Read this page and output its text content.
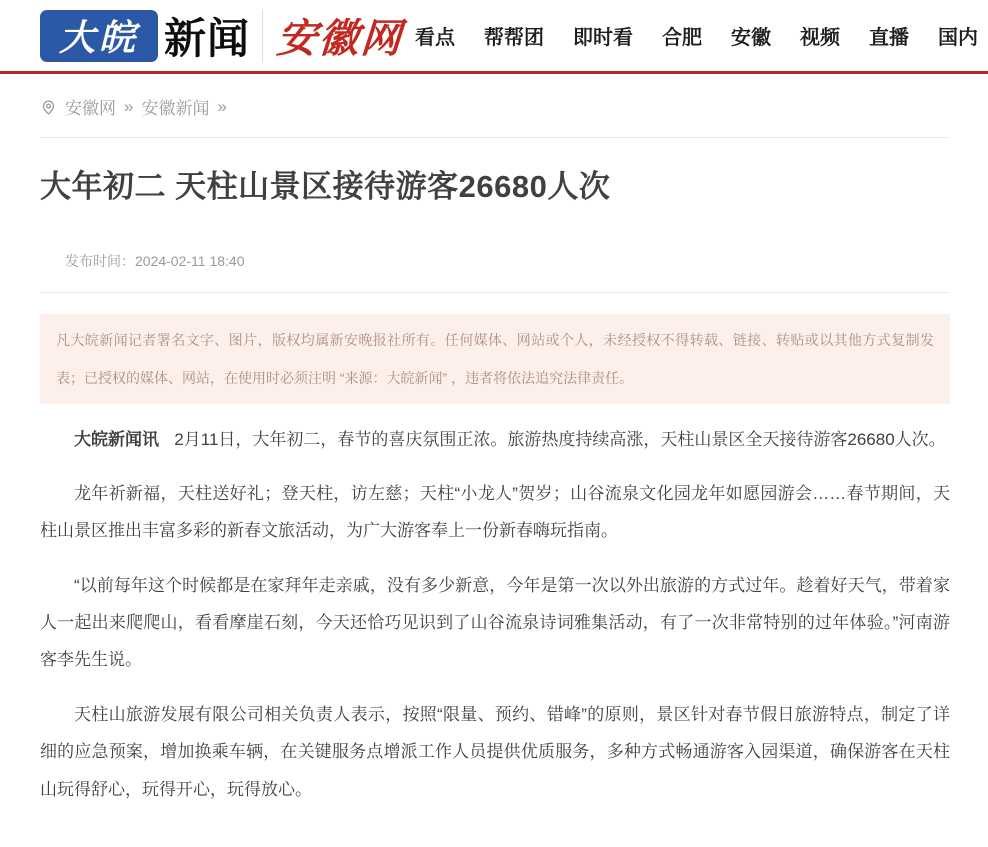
大皖 新闻 安徽网 看点 帮帮团 即时看 合肥 安徽 视频 直播 国内
安徽网 » 安徽新闻 »
大年初二 天柱山景区接待游客26680人次
发布时间：2024-02-11 18:40
凡大皖新闻记者署名文字、图片，版权均属新安晚报社所有。任何媒体、网站或个人，未经授权不得转载、链接、转贴或以其他方式复制发表；已授权的媒体、网站，在使用时必须注明 “来源：大皖新闻” ，违者将依法追究法律责任。

大皖新闻讯 2月11日，大年初二，春节的喜庆氛围正浓。旅游热度持续高涨，天柱山景区全天接待游客26680人次。

龙年祈新福，天柱送好礼；登天柱，访左慈；天柱“小龙人”贺岁；山谷流泉文化园龙年如愿园游会……春节期间，天柱山景区推出丰富多彩的新春文旅活动，为广大游客奉上一份新春嗨玩指南。

“以前每年这个时候都是在家拜年走亲戚，没有多少新意，今年是第一次以外出旅游的方式过年。趁着好天气，带着家人一起出来爬爬山，看看摩崖石刻，今天还恰巧见识到了山谷流泉诗词雅集活动，有了一次非常特别的过年体验。”河南游客李先生说。

天柱山旅游发展有限公司相关负责人表示，按照“限量、预约、错峰”的原则，景区针对春节假日旅游特点，制定了详细的应急预案，增加换乘车辆，在关键服务点增派工作人员提供优质服务，多种方式畅通游客入园渠道，确保游客在天柱山玩得舒心，玩得开心，玩得放心。
